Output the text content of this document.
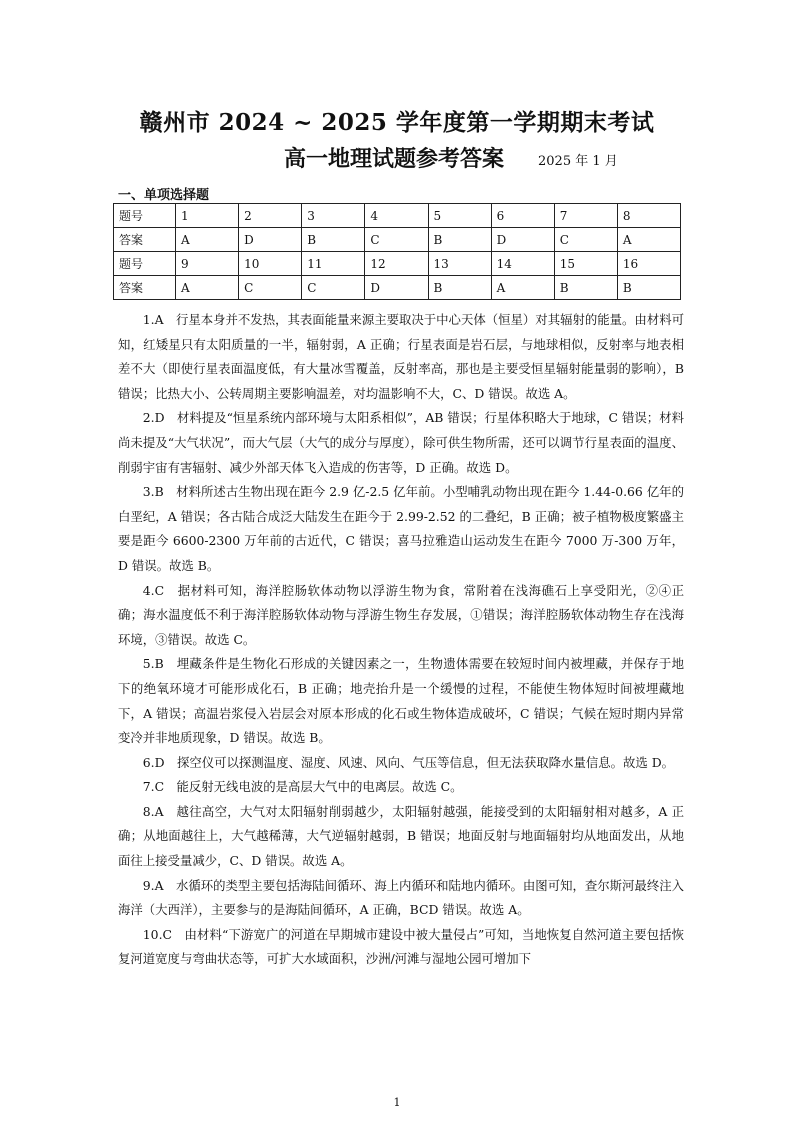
赣州市 2024 ~ 2025 学年度第一学期期末考试
高一地理试题参考答案	2025 年 1 月
一、单项选择题
题号	1	2	3	4	5	6	7	8
答案	A	D	B	C	B	D	C	A
题号	9	10	11	12	13	14	15	16
答案	A	C	C	D	B	A	B	B

1.A　行星本身并不发热，其表面能量来源主要取决于中心天体（恒星）对其辐射的能量。由材料可知，红矮星只有太阳质量的一半，辐射弱，A 正确；行星表面是岩石层，与地球相似，反射率与地表相差不大（即使行星表面温度低，有大量冰雪覆盖，反射率高，那也是主要受恒星辐射能量弱的影响），B 错误；比热大小、公转周期主要影响温差，对均温影响不大，C、D 错误。故选 A。

2.D　材料提及“恒星系统内部环境与太阳系相似”，AB 错误；行星体积略大于地球，C 错误；材料尚未提及“大气状况”，而大气层（大气的成分与厚度），除可供生物所需，还可以调节行星表面的温度、削弱宇宙有害辐射、减少外部天体飞入造成的伤害等，D 正确。故选 D。

3.B　材料所述古生物出现在距今 2.9 亿-2.5 亿年前。小型哺乳动物出现在距今 1.44-0.66 亿年的白垩纪，A 错误；各古陆合成泛大陆发生在距今于 2.99-2.52 的二叠纪，B 正确；被子植物极度繁盛主要是距今 6600-2300 万年前的古近代，C 错误；喜马拉雅造山运动发生在距今 7000 万-300 万年，D 错误。故选 B。

4.C　据材料可知，海洋腔肠软体动物以浮游生物为食，常附着在浅海礁石上享受阳光，②④正确；海水温度低不利于海洋腔肠软体动物与浮游生物生存发展，①错误；海洋腔肠软体动物生存在浅海环境，③错误。故选 C。

5.B　埋藏条件是生物化石形成的关键因素之一，生物遗体需要在较短时间内被埋藏，并保存于地下的绝氧环境才可能形成化石，B 正确；地壳抬升是一个缓慢的过程，不能使生物体短时间被埋藏地下，A 错误；高温岩浆侵入岩层会对原本形成的化石或生物体造成破坏，C 错误；气候在短时期内异常变冷并非地质现象，D 错误。故选 B。

6.D　探空仪可以探测温度、湿度、风速、风向、气压等信息，但无法获取降水量信息。故选 D。

7.C　能反射无线电波的是高层大气中的电离层。故选 C。

8.A　越往高空，大气对太阳辐射削弱越少，太阳辐射越强，能接受到的太阳辐射相对越多，A 正确；从地面越往上，大气越稀薄，大气逆辐射越弱，B 错误；地面反射与地面辐射均从地面发出，从地面往上接受量减少，C、D 错误。故选 A。

9.A　水循环的类型主要包括海陆间循环、海上内循环和陆地内循环。由图可知，查尔斯河最终注入海洋（大西洋），主要参与的是海陆间循环，A 正确，BCD 错误。故选 A。

10.C　由材料“下游宽广的河道在早期城市建设中被大量侵占”可知，当地恢复自然河道主要包括恢复河道宽度与弯曲状态等，可扩大水域面积，沙洲/河滩与湿地公园可增加下

1
